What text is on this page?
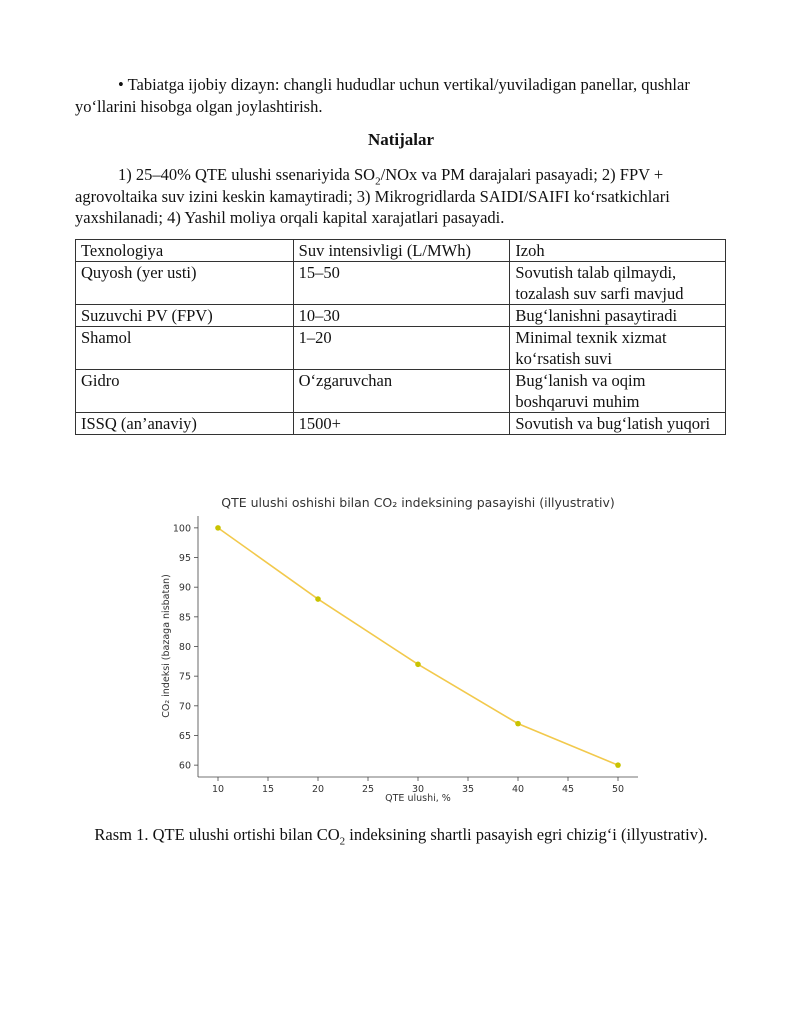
• Tabiatga ijobiy dizayn: changli hududlar uchun vertikal/yuviladigan panellar, qushlar yo‘llarini hisobga olgan joylashtirish.

Natijalar

1) 25–40% QTE ulushi ssenariyida $SO_2$/NOx va PM darajalari pasayadi; 2) FPV + agrovoltaika suv izini keskin kamaytiradi; 3) Mikrogridlarda SAIDI/SAIFI ko‘rsatkichlari yaxshilanadi; 4) Yashil moliya orqali kapital xarajatlari pasayadi.

Texnologiya	Suv intensivligi (L/MWh)	Izoh
Quyosh (yer usti)	15–50	Sovutish talab qilmaydi, tozalash suv sarfi mavjud
Suzuvchi PV (FPV)	10–30	Bug‘lanishni pasaytiradi
Shamol	1–20	Minimal texnik xizmat ko‘rsatish suvi
Gidro	O‘zgaruvchan	Bug‘lanish va oqim boshqaruvi muhim
ISSQ (an’anaviy)	1500+	Sovutish va bug‘latish yuqori
QTE ulushi oshishi bilan CO₂ indeksining pasayishi (illyustrativ)
QTE ulushi, %
CO₂ indeksi (bazaga nisbatan)
60
65
70
75
80
85
90
95
100
10	15	20	25	30	35	40	45	50

Rasm 1. QTE ulushi ortishi bilan $CO_2$ indeksining shartli pasayish egri chizig‘i (illyustrativ).
